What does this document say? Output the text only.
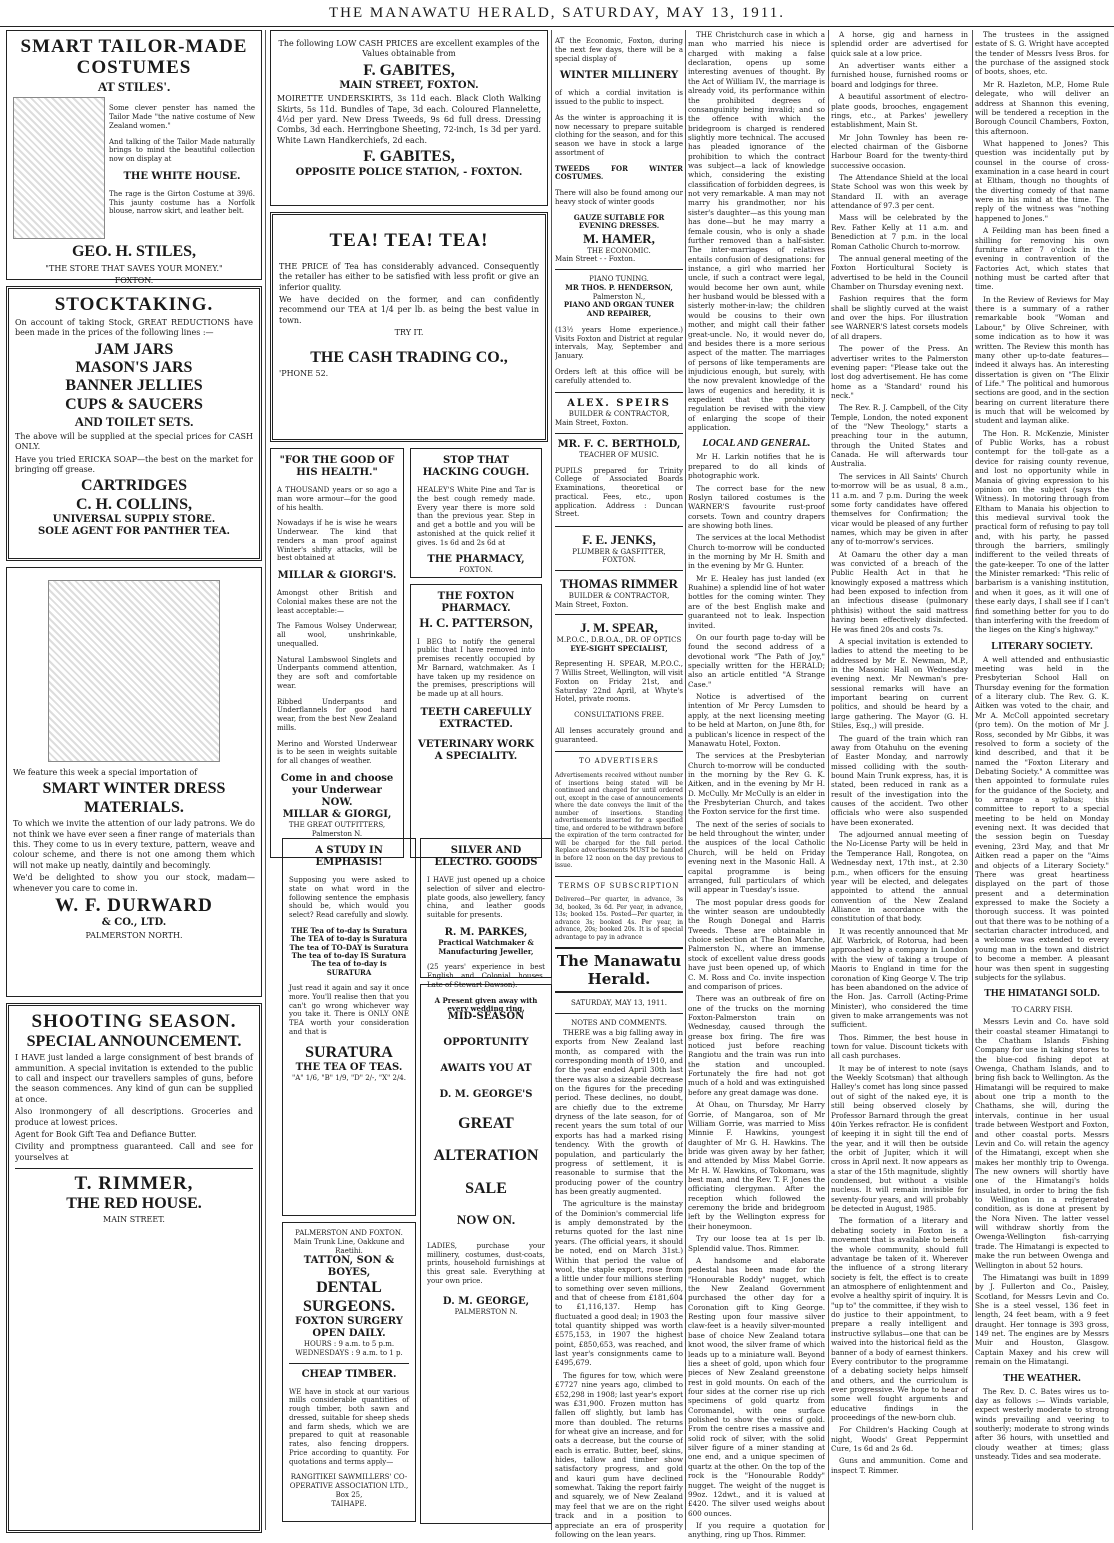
THE MANAWATU HERALD, SATURDAY, MAY 13, 1911.
SMART TAILOR-MADE COSTUMES
AT STILES'.

Some clever penster has named the Tailor Made "the native costume of New Zealand women."

And talking of the Tailor Made naturally brings to mind the beautiful collection now on display at

THE WHITE HOUSE.

The rage is the Girton Costume at 39/6. This jaunty costume has a Norfolk blouse, narrow skirt, and leather belt.

GEO. H. STILES,
"THE STORE THAT SAVES YOUR MONEY."
FOXTON.
STOCKTAKING.

On account of taking Stock, GREAT REDUCTIONS have been made in the prices of the following lines :—

JAM JARS
MASON'S JARS
BANNER JELLIES
CUPS & SAUCERS
AND TOILET SETS.

The above will be supplied at the special prices for CASH ONLY.

Have you tried ERICKA SOAP—the best on the market for bringing off grease.

CARTRIDGES
C. H. COLLINS,
UNIVERSAL SUPPLY STORE.
SOLE AGENT FOR PANTHER TEA.

We feature this week a special importation of

SMART WINTER DRESS MATERIALS.

To which we invite the attention of our lady patrons. We do not think we have ever seen a finer range of materials than this. They come to us in every texture, pattern, weave and colour scheme, and there is not one among them which will not make up neatly, daintily and becomingly.

We'd be delighted to show you our stock, madam—whenever you care to come in.

W. F. DURWARD
& CO., LTD.
PALMERSTON NORTH.
SHOOTING SEASON.
SPECIAL ANNOUNCEMENT.

I HAVE just landed a large consignment of best brands of ammunition. A special invitation is extended to the public to call and inspect our travellers samples of guns, before the season commences. Any kind of gun can be supplied at once.

Also ironmongery of all descriptions. Groceries and produce at lowest prices.

Agent for Book Gift Tea and Defiance Butter.

Civility and promptness guaranteed. Call and see for yourselves at

T. RIMMER,
THE RED HOUSE.
MAIN STREET.

The following LOW CASH PRICES are excellent examples of the Values obtainable from

F. GABITES,
MAIN STREET, FOXTON.

MOIRETTE UNDERSKIRTS, 3s 11d each. Black Cloth Walking Skirts, 5s 11d. Bundles of Tape, 3d each. Coloured Flannelette, 4½d per yard. New Dress Tweeds, 9s 6d full dress. Dressing Combs, 3d each. Herringbone Sheeting, 72-inch, 1s 3d per yard. White Lawn Handkerchiefs, 2d each.

F. GABITES,
OPPOSITE POLICE STATION, - FOXTON.
TEA! TEA! TEA!

THE PRICE of Tea has considerably advanced. Consequently the retailer has either to be satisfied with less profit or give an inferior quality.

We have decided on the former, and can confidently recommend our TEA at 1/4 per lb. as being the best value in town.

TRY IT.
THE CASH TRADING CO.,
'PHONE 52.
"FOR THE GOOD OF HIS HEALTH."

A THOUSAND years or so ago a man wore armour—for the good of his health.

Nowadays if he is wise he wears Underwear. The kind that renders a man proof against Winter's shifty attacks, will be best obtained at

MILLAR & GIORGI'S.

Amongst other British and Colonial makes these are not the least acceptable:—

The Famous Wolsey Underwear, all wool, unshrinkable, unequalled.

Natural Lambswool Singlets and Underpants commend attention, they are soft and comfortable wear.

Ribbed Underpants and Underflannels for good hard wear, from the best New Zealand mills.

Merino and Worsted Underwear is to be seen in weights suitable for all changes of weather.

Come in and choose your Underwear NOW.
MILLAR & GIORGI,
THE GREAT OUTFITTERS,
Palmerston N.
STOP THAT HACKING COUGH.

HEALEY'S White Pine and Tar is the best cough remedy made. Every year there is more sold than the previous year. Step in and get a bottle and you will be astonished at the quick relief it gives. 1s 6d and 2s 6d at

THE PHARMACY,
FOXTON.
THE FOXTON PHARMACY.
H. C. PATTERSON,

I BEG to notify the general public that I have removed into premises recently occupied by Mr Barnard, watchmaker. As I have taken up my residence on the premises, prescriptions will be made up at all hours.

TEETH CAREFULLY EXTRACTED.
VETERINARY WORK A SPECIALITY.
A STUDY IN EMPHASIS!

Supposing you were asked to state on what word in the following sentence the emphasis should be, which would you select? Read carefully and slowly.

THE Tea of to-day is Suratura
The TEA of to-day is Suratura
The tea of TO-DAY is Suratura
The tea of to-day IS Suratura
The tea of to-day is SURATURA

Just read it again and say it once more. You'll realise then that you can't go wrong whichever way you take it. There is ONLY ONE TEA worth your consideration and that is

SURATURA
THE TEA OF TEAS.
"A" 1/6, "B" 1/9, "D" 2/-, "X" 2/4.
PALMERSTON AND FOXTON.
Main Trunk Line, Oakkune and Raetihi.
TATTON, SON & BOYES,
DENTAL SURGEONS.
FOXTON SURGERY OPEN DAILY.
HOURS : 9 a.m. to 5 p.m.
WEDNESDAYS : 9 a.m. to 1 p.
CHEAP TIMBER.

WE have in stock at our various mills considerable quantities of rough timber, both sawn and dressed, suitable for sheep sheds and farm sheds, which we are prepared to quit at reasonable rates, also fencing droppers. Price according to quantity. For quotations and terms apply—

RANGITIKEI SAWMILLERS' CO-OPERATIVE ASSOCIATION LTD.,
Box 25,
TAIHAPE.
SILVER AND ELECTRO. GOODS

I HAVE just opened up a choice selection of silver and electro-plate goods, also jewellery, fancy china, and leather goods suitable for presents.

R. M. PARKES,
Practical Watchmaker & Manufacturing Jeweller,

(25 years' experience in best English and Colonial houses. Late of Stewart Dawson).

A Present given away with every wedding ring.
MID-SEASON
OPPORTUNITY
AWAITS YOU AT
D. M. GEORGE'S
GREAT
ALTERATION
SALE
NOW ON.

LADIES, purchase your millinery, costumes, dust-coats, prints, household furnishings at this great sale. Everything at your own price.

D. M. GEORGE,
PALMERSTON N.

AT the Economic, Foxton, during the next few days, there will be a special display of

WINTER MILLINERY

of which a cordial invitation is issued to the public to inspect.

As the winter is approaching it is now necessary to prepare suitable clothing for the season, and for this season we have in stock a large assortment of

TWEEDS FOR WINTER COSTUMES.

There will also be found among our heavy stock of winter goods

GAUZE SUITABLE FOR EVENING DRESSES.
M. HAMER,
THE ECONOMIC.
Main Street - - Foxton.
PIANO TUNING.
MR THOS. P. HENDERSON,
Palmerston N.,
PIANO AND ORGAN TUNER AND REPAIRER,

(13½ years Home experience.) Visits Foxton and District at regular intervals, May, September and January.

Orders left at this office will be carefully attended to.

ALEX. SPEIRS
BUILDER & CONTRACTOR,
Main Street, Foxton.
MR. F. C. BERTHOLD,
TEACHER OF MUSIC.

PUPILS prepared for Trinity College of Associated Boards Examinations, theoretical or practical. Fees, etc., upon application. Address : Duncan Street.

F. E. JENKS,
PLUMBER & GASFITTER,
FOXTON.
THOMAS RIMMER
BUILDER & CONTRACTOR,
Main Street, Foxton.
J. M. SPEAR,
M.P.O.C., D.B.O.A., DR. OF OPTICS
EYE-SIGHT SPECIALIST,

Representing H. SPEAR, M.P.O.C., 7 Willis Street, Wellington, will visit Foxton on Friday 21st, and Saturday 22nd April, at Whyte's Hotel, private rooms.

CONSULTATIONS FREE.

All lenses accurately ground and guaranteed.

TO ADVERTISERS

Advertisements received without number of insertions being stated will be continued and charged for until ordered out, except in the case of announcements where the date conveys the limit of the number of insertions. Standing advertisements inserted for a specified time, and ordered to be withdrawn before the expiration of the term contracted for will be charged for the full period. Replace advertisements MUST be handed in before 12 noon on the day previous to issue.

TERMS OF SUBSCRIPTION

Delivered—Per quarter, in advance, 3s 3d, booked, 3s 6d. Per year, in advance, 13s; booked 15s. Posted—Per quarter, in advance 3s; booked 4s. Per year, in advance, 20s; booked 20s. It is of special advantage to pay in advance

The Manawatu Herald.
SATURDAY, MAY 13, 1911.
NOTES AND COMMENTS.

THERE was a big falling away in exports from New Zealand last month, as compared with the corresponding month of 1910, and for the year ended April 30th last there was also a sizeable decrease on the figures for the preceding period. These declines, no doubt, are chiefly due to the extreme dryness of the late season, for of recent years the sum total of our exports has had a marked rising tendency. With the growth of population, and particularly the progress of settlement, it is reasonable to surmise that the producing power of the country has been greatly augmented.

The agriculture is the mainstay of the Dominion's commercial life is amply demonstrated by the returns quoted for the last nine years. (The official years, it should be noted, end on March 31st.) Within that period the value of wool, the staple export, rose from a little under four millions sterling to something over seven millions, and that of cheese from £181,604 to £1,116,137. Hemp has fluctuated a good deal; in 1903 the total quantity shipped was worth £575,153, in 1907 the highest point, £850,653, was reached, and last year's consignments came to £495,679.

The figures for tow, which were £7727 nine years ago, climbed to £52,298 in 1908; last year's export was £31,900. Frozen mutton has fallen off slightly, but lamb has more than doubled. The returns for wheat give an increase, and for oats a decrease, but the course of each is erratic. Butter, beef, skins, hides, tallow and timber show satisfactory progress, and gold and kauri gum have declined somewhat. Taking the report fairly and squarely, we of New Zealand may feel that we are on the right track and in a position to appreciate an era of prosperity following on the lean years.

THE Christchurch case in which a man who married his niece is charged with making a false declaration, opens up some interesting avenues of thought. By the Act of William IV., the marriage is already void, its performance within the prohibited degrees of consanguinity being invalid; and so the offence with which the bridegroom is charged is rendered slightly more technical. The accused has pleaded ignorance of the prohibition to which the contract was subject—a lack of knowledge which, considering the existing classification of forbidden degrees, is not very remarkable. A man may not marry his grandmother, nor his sister's daughter—as this young man has done—but he may marry a female cousin, who is only a shade further removed than a half-sister. The inter-marriages of relatives entails confusion of designations: for instance, a girl who married her uncle, if such a contract were legal, would become her own aunt, while her husband would be blessed with a sisterly mother-in-law; the children would be cousins to their own mother, and might call their father great-uncle. No, it would never do, and besides there is a more serious aspect of the matter. The marriages of persons of like temperaments are injudicious enough, but surely, with the now prevalent knowledge of the laws of eugenics and heredity, it is expedient that the prohibitory regulation be revised with the view of enlarging the scope of their application.

LOCAL AND GENERAL.

Mr H. Larkin notifies that he is prepared to do all kinds of photographic work.

The correct base for the new Roslyn tailored costumes is the WARNER'S favourite rust-proof corsets. Town and country drapers are showing both lines.

The services at the local Methodist Church to-morrow will be conducted in the morning by Mr H. Smith and in the evening by Mr G. Hunter.

Mr E. Healey has just landed (ex Ruahine) a splendid line of hot water bottles for the coming winter. They are of the best English make and guaranteed not to leak. Inspection invited.

On our fourth page to-day will be found the second address of a devotional work "The Path of Joy," specially written for the HERALD; also an article entitled "A Strange Case."

Notice is advertised of the intention of Mr Percy Lumsden to apply, at the next licensing meeting to be held at Marton, on June 8th, for a publican's licence in respect of the Manawatu Hotel, Foxton.

The services at the Presbyterian Church to-morrow will be conducted in the morning by the Rev G. K. Aitken, and in the evening by Mr H. D. McCully. Mr McCully is an elder in the Presbyterian Church, and takes the Foxton service for the first time.

The next of the series of socials to be held throughout the winter, under the auspices of the local Catholic Church, will be held on Friday evening next in the Masonic Hall. A capital programme is being arranged, full particulars of which will appear in Tuesday's issue.

The most popular dress goods for the winter season are undoubtedly the Rough Donegal and Harris Tweeds. These are obtainable in choice selection at The Bon Marche, Palmerston N., where an immense stock of excellent value dress goods have just been opened up, of which C. M. Ross and Co. invite inspection and comparison of prices.

There was an outbreak of fire on one of the trucks on the morning Foxton-Palmerston train on Wednesday, caused through the grease box firing. The fire was noticed just before reaching Rangiotu and the train was run into the station and uncoupled. Fortunately the fire had not got much of a hold and was extinguished before any great damage was done.

At Ohau, on Thursday, Mr Harry Gorrie, of Mangaroa, son of Mr William Gorrie, was married to Miss Minnie F. Hawkins, youngest daughter of Mr G. H. Hawkins. The bride was given away by her father, and attended by Miss Mabel Gorrie. Mr H. W. Hawkins, of Tokomaru, was best man, and the Rev. T. F. Jones the officiating clergyman. After the reception which followed the ceremony the bride and bridegroom left by the Wellington express for their honeymoon.

Try our loose tea at 1s per lb. Splendid value. Thos. Rimmer.

A handsome and elaborate pedestal has been made for the "Honourable Roddy" nugget, which the New Zealand Government purchased the other day for a Coronation gift to King George. Resting upon four massive silver claw-feet is a heavily silver-mounted base of choice New Zealand totara knot wood, the silver frame of which leads up to a miniature wall. Beyond lies a sheet of gold, upon which four pieces of New Zealand greenstone rest in gold mounts. On each of the four sides at the corner rise up rich specimens of gold quartz from Coromandel, with one surface polished to show the veins of gold. From the centre rises a massive and solid rock of silver, with the solid silver figure of a miner standing at one end, and a unique specimen of quartz at the other. On the top of the rock is the "Honourable Roddy" nugget. The weight of the nugget is 99oz. 12dwt., and it is valued at £420. The silver used weighs about 600 ounces.

If you require a quotation for anything, ring up Thos. Rimmer.

A horse, gig and harness in splendid order are advertised for quick sale at a low price.

An advertiser wants either a furnished house, furnished rooms or board and lodgings for three.

A beautiful assortment of electro-plate goods, brooches, engagement rings, etc., at Parkes' jewellery establishment, Main St.

Mr John Townley has been re-elected chairman of the Gisborne Harbour Board for the twenty-third successive occasion.

The Attendance Shield at the local State School was won this week by Standard II. with an average attendance of 97.3 per cent.

Mass will be celebrated by the Rev. Father Kelly at 11 a.m. and Benediction at 7 p.m. in the local Roman Catholic Church to-morrow.

The annual general meeting of the Foxton Horticultural Society is advertised to be held in the Council Chamber on Thursday evening next.

Fashion requires that the form shall be slightly curved at the waist and over the hips. For illustration see WARNER'S latest corsets models of all drapers.

The power of the Press. An advertiser writes to the Palmerston evening paper: "Please take out the lost dog advertisement. He has come home as a 'Standard' round his neck."

The Rev. R. J. Campbell, of the City Temple, London, the noted exponent of the "New Theology," starts a preaching tour in the autumn, through the United States and Canada. He will afterwards tour Australia.

The services in All Saints' Church to-morrow will be as usual, 8 a.m., 11 a.m. and 7 p.m. During the week some forty candidates have offered themselves for Confirmation; the vicar would be pleased of any further names, which may be given in after any of to-morrow's services.

At Oamaru the other day a man was convicted of a breach of the Public Health Act in that he knowingly exposed a mattress which had been exposed to infection from an infectious disease (pulmonary phthisis) without the said mattress having been effectively disinfected. He was fined 20s and costs 7s.

A special invitation is extended to ladies to attend the meeting to be addressed by Mr E. Newman, M.P., in the Masonic Hall on Wednesday evening next. Mr Newman's pre-sessional remarks will have an important bearing on current politics, and should be heard by a large gathering. The Mayor (G. H. Stiles, Esq.,) will preside.

The guard of the train which ran away from Otahuhu on the evening of Easter Monday, and narrowly missed colliding with the south-bound Main Trunk express, has, it is stated, been reduced in rank as a result of the investigation into the causes of the accident. Two other officials who were also suspended have been exonerated.

The adjourned annual meeting of the No-License Party will be held in the Temperance Hall, Rongotea, on Wednesday next, 17th inst., at 2.30 p.m., when officers for the ensuing year will be elected, and delegates appointed to attend the annual convention of the New Zealand Alliance in accordance with the constitution of that body.

It was recently announced that Mr Alf. Warbrick, of Rotorua, had been approached by a company in London with the view of taking a troupe of Maoris to England in time for the coronation of King George V. The trip has been abandoned on the advice of the Hon. Jas. Carroll (Acting-Prime Minister), who considered the time given to make arrangements was not sufficient.

Thos. Rimmer, the best house in town for value. Discount tickets with all cash purchases.

It may be of interest to note (says the Weekly Scotsman) that although Halley's comet has long since passed out of sight of the naked eye, it is still being observed closely by Professor Barnard through the great 40in Yerkes refractor. He is confident of keeping it in sight till the end of the year, and it will then be outside the orbit of Jupiter, which it will cross in April next. It now appears as a star of the 15th magnitude, slightly condensed, but without a visible nucleus. It will remain invisible for seventy-four years, and will probably be detected in August, 1985.

The formation of a literary and debating society in Foxton is a movement that is available to benefit the whole community, should full advantage be taken of it. Wherever the influence of a strong literary society is felt, the effect is to create an atmosphere of enlightenment and evolve a healthy spirit of inquiry. It is "up to" the committee, if they wish to do justice to their appointment, to prepare a really intelligent and instructive syllabus—one that can be waived into the historical field as the banner of a body of earnest thinkers. Every contributor to the programme of a debating society helps himself and others, and the curriculum is ever progressive. We hope to hear of some well fought arguments and educative findings in the proceedings of the new-born club.

For Children's Hacking Cough at night, Woods' Great Peppermint Cure, 1s 6d and 2s 6d.

Guns and ammunition. Come and inspect T. Rimmer.

The trustees in the assigned estate of S. G. Wright have accepted the tender of Messrs Ivess Bros. for the purchase of the assigned stock of boots, shoes, etc.

Mr R. Hazleton, M.P., Home Rule delegate, who will deliver an address at Shannon this evening, will be tendered a reception in the Borough Council Chambers, Foxton, this afternoon.

What happened to Jones? This question was incidentally put by counsel in the course of cross-examination in a case heard in court at Eltham, though no thoughts of the diverting comedy of that name were in his mind at the time. The reply of the witness was "nothing happened to Jones."

A Feilding man has been fined a shilling for removing his own furniture after 7 o'clock in the evening in contravention of the Factories Act, which states that nothing must be carted after that time.

In the Review of Reviews for May there is a summary of a rather remarkable book "Woman and Labour," by Olive Schreiner, with some indication as to how it was written. The Review this month has many other up-to-date features—indeed it always has. An interesting dissertation is given on "The Elixir of Life." The political and humorous sections are good, and in the section bearing on current literature there is much that will be welcomed by student and layman alike.

The Hon. R. McKenzie, Minister of Public Works, has a robust contempt for the toll-gate as a device for raising county revenue, and lost no opportunity while in Manaia of giving expression to his opinion on the subject (says the Witness). In motoring through from Eltham to Manaia his objection to this medieval survival took the practical form of refusing to pay toll and, with his party, he passed through the barriers, smilingly indifferent to the veiled threats of the gate-keeper. To one of the latter the Minister remarked: "This relic of barbarism is a vanishing institution, and when it goes, as it will one of these early days, I shall see if I can't find something better for you to do than interfering with the freedom of the lieges on the King's highway."

LITERARY SOCIETY.

A well attended and enthusiastic meeting was held in the Presbyterian School Hall on Thursday evening for the formation of a literary club. The Rev. G. K. Aitken was voted to the chair, and Mr A. McColl appointed secretary (pro tem). On the motion of Mr J. Ross, seconded by Mr Gibbs, it was resolved to form a society of the kind described, and that it be named the "Foxton Literary and Debating Society." A committee was then appointed to formulate rules for the guidance of the Society, and to arrange a syllabus; this committee to report to a special meeting to be held on Monday evening next. It was decided that the session begin on Tuesday evening, 23rd May, and that Mr Aitken read a paper on the "Aims and objects of a Literary Society." There was great heartiness displayed on the part of those present and a determination expressed to make the Society a thorough success. It was pointed out that there was to be nothing of a sectarian character introduced, and a welcome was extended to every young man in the town and district to become a member. A pleasant hour was then spent in suggesting subjects for the syllabus.

THE HIMATANGI SOLD.
TO CARRY FISH.

Messrs Levin and Co. have sold their coastal steamer Himatangi to the Chatham Islands Fishing Company for use in taking stores to the blue-cod fishing depot at Owenga, Chatham Islands, and to bring fish back to Wellington. As the Himatangi will be required to make about one trip a month to the Chathams, she will, during the intervals, continue in her usual trade between Westport and Foxton, and other coastal ports. Messrs Levin and Co. will retain the agency of the Himatangi, except when she makes her monthly trip to Owenga. The new owners will shortly have one of the Himatangi's holds insulated, in order to bring the fish to Wellington in a refrigerated condition, as is done at present by the Nora Niven. The latter vessel will withdraw shortly from the Owenga-Wellington fish-carrying trade. The Himatangi is expected to make the run between Owenga and Wellington in about 52 hours.

The Himatangi was built in 1899 by J. Fullerton and Co., Paisley, Scotland, for Messrs Levin and Co. She is a steel vessel, 136 feet in length, 24 feet beam, with a 9 feet draught. Her tonnage is 393 gross, 149 net. The engines are by Messrs Muir and Houston, Glasgow. Captain Maxey and his crew will remain on the Himatangi.

THE WEATHER.

The Rev. D. C. Bates wires us to-day as follows :— Winds variable, expect westerly moderate to strong winds prevailing and veering to southerly; moderate to strong winds after 36 hours, with unsettled and cloudy weather at times; glass unsteady. Tides and sea moderate.
